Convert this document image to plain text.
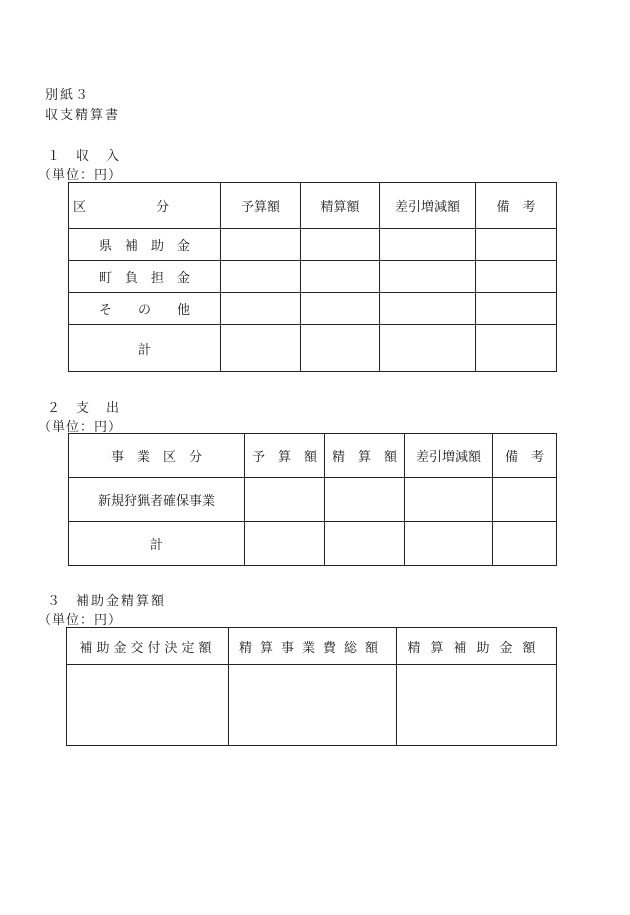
別紙３
収支精算書
１ 収　入
（単位：円）
区 分	予算額	精算額	差引増減額	備　考
県　補　助　金				
町　負　担　金				
そ　　の　　他				
計				
２ 支　出
（単位：円）
事　業　区　分	予　算　額	精　算　額	差引増減額	備　考
新規狩猟者確保事業				
計				
３ 補助金精算額
（単位：円）
補助金交付決定額	精算事業費総額	精算補助金額
